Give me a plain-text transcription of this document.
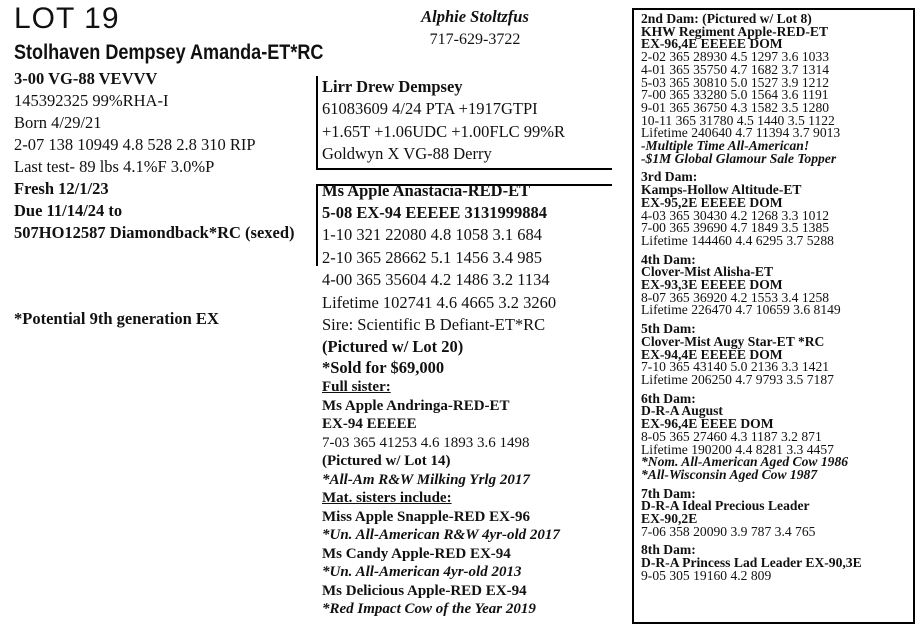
LOT 19
Stolhaven Dempsey Amanda-ET*RC
3-00 VG-88 VEVVV
145392325 99%RHA-I
Born 4/29/21
2-07 138 10949 4.8 528 2.8 310 RIP
Last test- 89 lbs 4.1%F 3.0%P
Fresh 12/1/23
Due 11/14/24 to
507HO12587 Diamondback*RC (sexed)
*Potential 9th generation EX
Alphie Stoltzfus
717-629-3722
Lirr Drew Dempsey
61083609 4/24 PTA +1917GTPI
+1.65T +1.06UDC +1.00FLC 99%R
Goldwyn X VG-88 Derry
Ms Apple Anastacia-RED-ET
5-08 EX-94 EEEEE 3131999884
1-10 321 22080 4.8 1058 3.1 684
2-10 365 28662 5.1 1456 3.4 985
4-00 365 35604 4.2 1486 3.2 1134
Lifetime 102741 4.6 4665 3.2 3260
Sire: Scientific B Defiant-ET*RC
(Pictured w/ Lot 20)
*Sold for $69,000
Full sister:
Ms Apple Andringa-RED-ET
EX-94 EEEEE
7-03 365 41253 4.6 1893 3.6 1498
(Pictured w/ Lot 14)
*All-Am R&W Milking Yrlg 2017
Mat. sisters include:
Miss Apple Snapple-RED EX-96
*Un. All-American R&W 4yr-old 2017
Ms Candy Apple-RED EX-94
*Un. All-American 4yr-old 2013
Ms Delicious Apple-RED EX-94
*Red Impact Cow of the Year 2019
2nd Dam: (Pictured w/ Lot 8)
KHW Regiment Apple-RED-ET
EX-96,4E EEEEE DOM
2-02 365 28930 4.5 1297 3.6 1033
4-01 365 35750 4.7 1682 3.7 1314
5-03 365 30810 5.0 1527 3.9 1212
7-00 365 33280 5.0 1564 3.6 1191
9-01 365 36750 4.3 1582 3.5 1280
10-11 365 31780 4.5 1440 3.5 1122
Lifetime 240640 4.7 11394 3.7 9013
-Multiple Time All-American!
-$1M Global Glamour Sale Topper
3rd Dam:
Kamps-Hollow Altitude-ET
EX-95,2E EEEEE DOM
4-03 365 30430 4.2 1268 3.3 1012
7-00 365 39690 4.7 1849 3.5 1385
Lifetime 144460 4.4 6295 3.7 5288
4th Dam:
Clover-Mist Alisha-ET
EX-93,3E EEEEE DOM
8-07 365 36920 4.2 1553 3.4 1258
Lifetime 226470 4.7 10659 3.6 8149
5th Dam:
Clover-Mist Augy Star-ET *RC
EX-94,4E EEEEE DOM
7-10 365 43140 5.0 2136 3.3 1421
Lifetime 206250 4.7 9793 3.5 7187
6th Dam:
D-R-A August
EX-96,4E EEEE DOM
8-05 365 27460 4.3 1187 3.2 871
Lifetime 190200 4.4 8281 3.3 4457
*Nom. All-American Aged Cow 1986
*All-Wisconsin Aged Cow 1987
7th Dam:
D-R-A Ideal Precious Leader
EX-90,2E
7-06 358 20090 3.9 787 3.4 765
8th Dam:
D-R-A Princess Lad Leader EX-90,3E
9-05 305 19160 4.2 809
